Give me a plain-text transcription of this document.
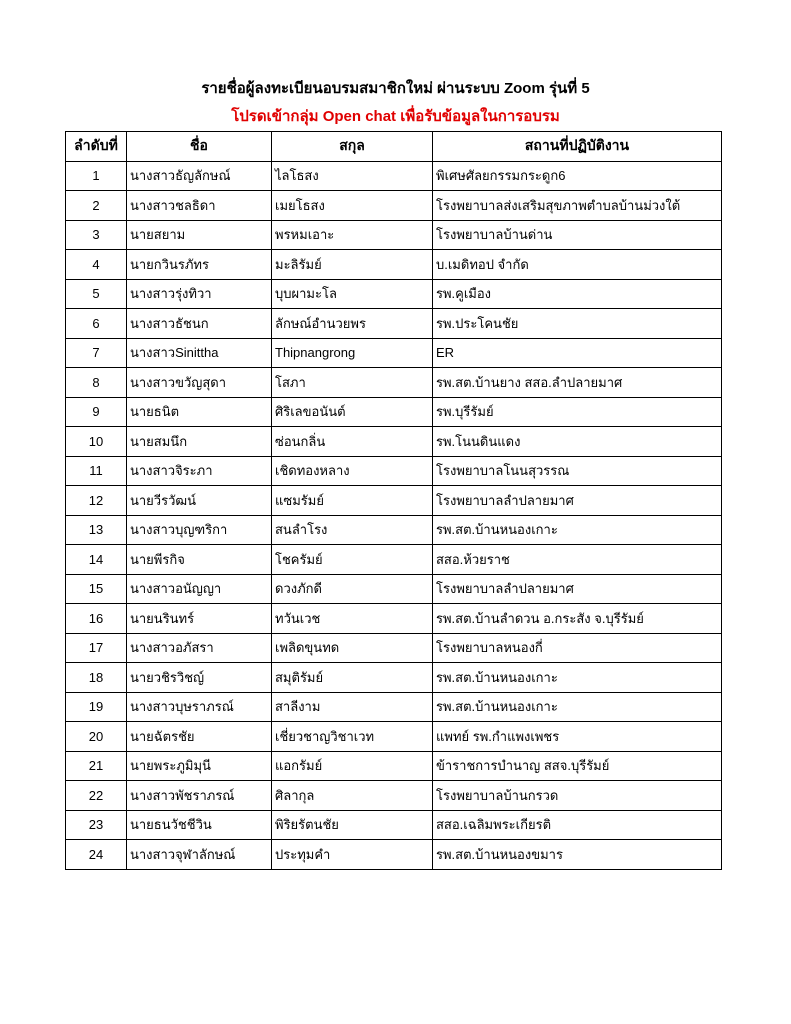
รายชื่อผู้ลงทะเบียนอบรมสมาชิกใหม่ ผ่านระบบ Zoom รุ่นที่ 5
โปรดเข้ากลุ่ม Open chat เพื่อรับข้อมูลในการอบรม
ลำดับที่	ชื่อ	สกุล	สถานที่ปฏิบัติงาน
1	นางสาวธัญลักษณ์	ไลโธสง	พิเศษศัลยกรรมกระดูก6
2	นางสาวชลธิดา	เมยโธสง	โรงพยาบาลส่งเสริมสุขภาพตำบลบ้านม่วงใต้
3	นายสยาม	พรหมเอาะ	โรงพยาบาลบ้านด่าน
4	นายกวินรภัทร	มะลิรัมย์	บ.เมดิทอป จำกัด
5	นางสาวรุ่งทิวา	บุบผามะโล	รพ.คูเมือง
6	นางสาวธัชนก	ลักษณ์อำนวยพร	รพ.ประโคนชัย
7	นางสาวSinittha	Thipnangrong	ER
8	นางสาวขวัญสุดา	โสภา	รพ.สต.บ้านยาง สสอ.ลำปลายมาศ
9	นายธนิต	ศิริเลขอนันต์	รพ.บุรีรัมย์
10	นายสมนึก	ซ่อนกลิ่น	รพ.โนนดินแดง
11	นางสาวจิระภา	เชิดทองหลาง	โรงพยาบาลโนนสุวรรณ
12	นายวีรวัฒน์	แซมรัมย์	โรงพยาบาลลำปลายมาศ
13	นางสาวบุญฑริกา	สนลำโรง	รพ.สต.บ้านหนองเกาะ
14	นายพีรกิจ	โชครัมย์	สสอ.ห้วยราช
15	นางสาวอนัญญา	ดวงภักดี	โรงพยาบาลลำปลายมาศ
16	นายนรินทร์	ทวันเวช	รพ.สต.บ้านลำดวน อ.กระสัง จ.บุรีรัมย์
17	นางสาวอภัสรา	เพลิดขุนทด	โรงพยาบาลหนองกี่
18	นายวชิรวิชญ์	สมุติรัมย์	รพ.สต.บ้านหนองเกาะ
19	นางสาวบุษราภรณ์	สาลีงาม	รพ.สต.บ้านหนองเกาะ
20	นายฉัตรชัย	เชี่ยวชาญวิชาเวท	แพทย์ รพ.กำแพงเพชร
21	นายพระภูมิมุนี	แอกรัมย์	ข้าราชการบำนาญ สสจ.บุรีรัมย์
22	นางสาวพัชราภรณ์	ศิลากุล	โรงพยาบาลบ้านกรวด
23	นายธนวัชชีวิน	พิริยรัตนชัย	สสอ.เฉลิมพระเกียรติ
24	นางสาวจุฬาลักษณ์	ประทุมคำ	รพ.สต.บ้านหนองขมาร
